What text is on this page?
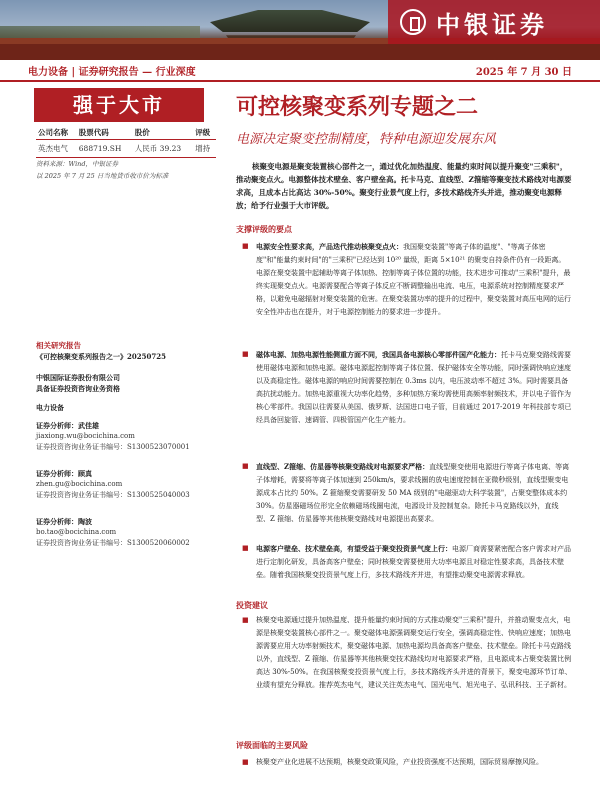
中银证券
电力设备 | 证券研究报告 — 行业深度	2025 年 7 月 30 日
强于大市
公司名称	股票代码	股价	评级
英杰电气	688719.SH	人民币 39.23	增持
资料来源：Wind，中银证券
以 2025 年 7 月 25 日当地货币收市价为标准
相关研究报告
《可控核聚变系列报告之一》20250725
中银国际证券股份有限公司
具备证券投资咨询业务资格
电力设备
证券分析师：武佳雄
jiaxiong.wu@bocichina.com
证券投资咨询业务证书编号：S1300523070001
证券分析师：顾真
zhen.gu@bocichina.com
证券投资咨询业务证书编号：S1300525040003
证券分析师：陶波
bo.tao@bocichina.com
证券投资咨询业务证书编号：S1300520060002
可控核聚变系列专题之二
电源决定聚变控制精度，特种电源迎发展东风
核聚变电源是聚变装置核心部件之一，通过优化加热温度、能量约束时间以提升聚变"三乘积"，推动聚变点火。电源整体技术壁垒、客户壁垒高。托卡马克、直线型、Z箍缩等聚变技术路线对电源要求高，且成本占比高达 30%-50%。聚变行业景气度上行，多技术路线齐头并进，推动聚变电源释放；给予行业强于大市评级。
支撑评级的要点
■ 电源安全性要求高，产品迭代推动核聚变点火：我国聚变装置"等离子体的温度"、"等离子体密度"和"能量约束时间"的"三乘积"已经达到 10²⁰ 量级，距离 5×10²¹ 的聚变自持条件仍有一段距离。电源在聚变装置中起辅助等离子体加热、控制等离子体位置的功能，技术进步可推动"三乘积"提升，最终实现聚变点火。电源需要配合等离子体反应不断调整输出电流、电压，电源系统对控制精度要求严格，以避免电磁辐射对聚变装置的危害。在聚变装置功率的提升的过程中，聚变装置对高压电网的运行安全性冲击也在提升，对于电源控制能力的要求进一步提升。
■ 磁体电源、加热电源性能侧重方面不同，我国具备电源核心零部件国产化能力：托卡马克聚变路线需要使用磁体电源和加热电源。磁体电源起控制等离子体位置、保护磁体安全等功能，同时强调快响应速度以及高稳定性。磁体电源的响应时间需要控制在 0.3ms 以内，电压波动率不超过 3%。同时需要具备高抗扰动能力。加热电源重视大功率化趋势，多种加热方案均需使用高频率射频技术，并以电子管作为核心零部件。我国以往需要从美国、俄罗斯、法国进口电子管，目前通过 2017-2019 年科技部专项已经具备回旋管、速调管、四极管国产化生产能力。
■ 直线型、Z箍缩、仿星器等核聚变路线对电源要求严格：直线型聚变使用电源进行等离子体电离、等离子体增耗，需要将等离子体加速到 250km/s，要求线圈的放电速度控制在亚微秒级别，直线型聚变电源成本占比约 50%。Z 箍缩聚变需要研发 50 MA 级别的"电磁驱动大科学装置"，占聚变整体成本约 30%。仿星器磁场位形完全依赖磁场线圈电流，电源设计及控制复杂。除托卡马克路线以外，直线型、Z 箍缩、仿星器等其他核聚变路线对电源提出高要求。
■ 电源客户壁垒、技术壁垒高，有望受益于聚变投资景气度上行：电源厂商需要紧密配合客户需求对产品进行定制化研发，具备高客户壁垒；同时核聚变需要使用大功率电源且对稳定性要求高，具备技术壁垒。随着我国核聚变投资景气度上行，多技术路线齐并进，有望推动聚变电源需求释放。
投资建议
■ 核聚变电源通过提升加热温度、提升能量约束时间的方式推动聚变"三乘积"提升，并推动聚变点火，电源是核聚变装置核心部件之一。聚变磁体电源强调聚变运行安全，强调高稳定性、快响应速度；加热电源需要应用大功率射频技术，聚变磁体电源、加热电源均具备高客户壁垒、技术壁垒。除托卡马克路线以外，直线型、Z 箍缩、仿星器等其他核聚变技术路线均对电源要求严格，且电源成本占聚变装置比例高达 30%-50%。在我国核聚变投资景气度上行，多技术路线齐头并进的背景下，聚变电源环节订单、业绩有望充分释放。推荐英杰电气，建议关注英杰电气、国光电气、旭光电子、弘讯科技、王子新材。
评级面临的主要风险
■ 核聚变产业化进展不达预期，核聚变政策风险，产业投资强度不达预期，国际贸易摩擦风险。
